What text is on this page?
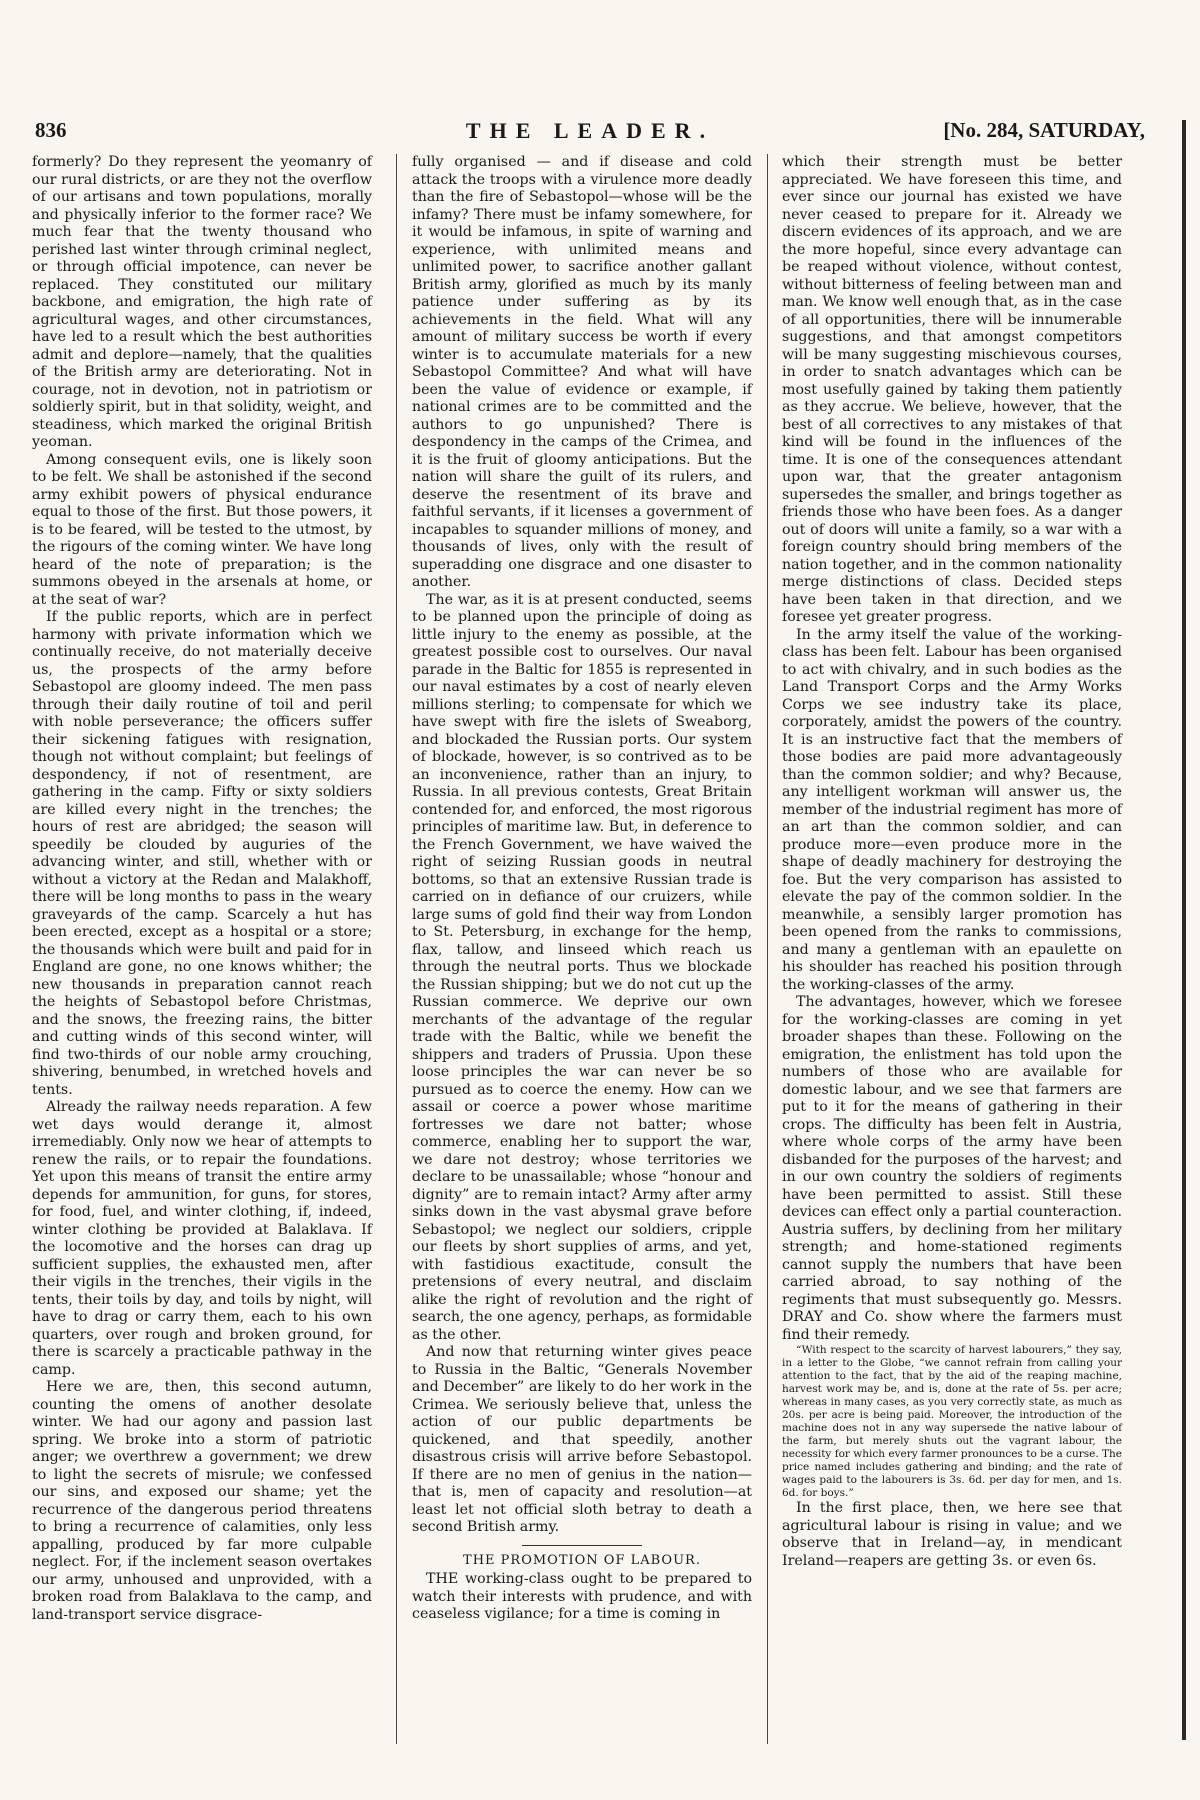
836	THE LEADER.	[No. 284, SATURDAY,

formerly? Do they represent the yeomanry of our rural districts, or are they not the overflow of our artisans and town populations, morally and physically inferior to the former race? We much fear that the twenty thousand who perished last winter through criminal neglect, or through official impotence, can never be replaced. They constituted our military backbone, and emigration, the high rate of agricultural wages, and other circumstances, have led to a result which the best authorities admit and deplore—namely, that the qualities of the British army are deteriorating. Not in courage, not in devotion, not in patriotism or soldierly spirit, but in that solidity, weight, and steadiness, which marked the original British yeoman.

Among consequent evils, one is likely soon to be felt. We shall be astonished if the second army exhibit powers of physical endurance equal to those of the first. But those powers, it is to be feared, will be tested to the utmost, by the rigours of the coming winter. We have long heard of the note of preparation; is the summons obeyed in the arsenals at home, or at the seat of war?

If the public reports, which are in perfect harmony with private information which we continually receive, do not materially deceive us, the prospects of the army before Sebastopol are gloomy indeed. The men pass through their daily routine of toil and peril with noble perseverance; the officers suffer their sickening fatigues with resignation, though not without complaint; but feelings of despondency, if not of resentment, are gathering in the camp. Fifty or sixty soldiers are killed every night in the trenches; the hours of rest are abridged; the season will speedily be clouded by auguries of the advancing winter, and still, whether with or without a victory at the Redan and Malakhoff, there will be long months to pass in the weary graveyards of the camp. Scarcely a hut has been erected, except as a hospital or a store; the thousands which were built and paid for in England are gone, no one knows whither; the new thousands in preparation cannot reach the heights of Sebastopol before Christmas, and the snows, the freezing rains, the bitter and cutting winds of this second winter, will find two-thirds of our noble army crouching, shivering, benumbed, in wretched hovels and tents.

Already the railway needs reparation. A few wet days would derange it, almost irremediably. Only now we hear of attempts to renew the rails, or to repair the foundations. Yet upon this means of transit the entire army depends for ammunition, for guns, for stores, for food, fuel, and winter clothing, if, indeed, winter clothing be provided at Balaklava. If the locomotive and the horses can drag up sufficient supplies, the exhausted men, after their vigils in the trenches, their vigils in the tents, their toils by day, and toils by night, will have to drag or carry them, each to his own quarters, over rough and broken ground, for there is scarcely a practicable pathway in the camp.

Here we are, then, this second autumn, counting the omens of another desolate winter. We had our agony and passion last spring. We broke into a storm of patriotic anger; we overthrew a government; we drew to light the secrets of misrule; we confessed our sins, and exposed our shame; yet the recurrence of the dangerous period threatens to bring a recurrence of calamities, only less appalling, produced by far more culpable neglect. For, if the inclement season overtakes our army, unhoused and unprovided, with a broken road from Balaklava to the camp, and land-transport service disgrace-

fully organised — and if disease and cold attack the troops with a virulence more deadly than the fire of Sebastopol—whose will be the infamy? There must be infamy somewhere, for it would be infamous, in spite of warning and experience, with unlimited means and unlimited power, to sacrifice another gallant British army, glorified as much by its manly patience under suffering as by its achievements in the field. What will any amount of military success be worth if every winter is to accumulate materials for a new Sebastopol Committee? And what will have been the value of evidence or example, if national crimes are to be committed and the authors to go unpunished? There is despondency in the camps of the Crimea, and it is the fruit of gloomy anticipations. But the nation will share the guilt of its rulers, and deserve the resentment of its brave and faithful servants, if it licenses a government of incapables to squander millions of money, and thousands of lives, only with the result of superadding one disgrace and one disaster to another.

The war, as it is at present conducted, seems to be planned upon the principle of doing as little injury to the enemy as possible, at the greatest possible cost to ourselves. Our naval parade in the Baltic for 1855 is represented in our naval estimates by a cost of nearly eleven millions sterling; to compensate for which we have swept with fire the islets of Sweaborg, and blockaded the Russian ports. Our system of blockade, however, is so contrived as to be an inconvenience, rather than an injury, to Russia. In all previous contests, Great Britain contended for, and enforced, the most rigorous principles of maritime law. But, in deference to the French Government, we have waived the right of seizing Russian goods in neutral bottoms, so that an extensive Russian trade is carried on in defiance of our cruizers, while large sums of gold find their way from London to St. Petersburg, in exchange for the hemp, flax, tallow, and linseed which reach us through the neutral ports. Thus we blockade the Russian shipping; but we do not cut up the Russian commerce. We deprive our own merchants of the advantage of the regular trade with the Baltic, while we benefit the shippers and traders of Prussia. Upon these loose principles the war can never be so pursued as to coerce the enemy. How can we assail or coerce a power whose maritime fortresses we dare not batter; whose commerce, enabling her to support the war, we dare not destroy; whose territories we declare to be unassailable; whose “honour and dignity” are to remain intact? Army after army sinks down in the vast abysmal grave before Sebastopol; we neglect our soldiers, cripple our fleets by short supplies of arms, and yet, with fastidious exactitude, consult the pretensions of every neutral, and disclaim alike the right of revolution and the right of search, the one agency, perhaps, as formidable as the other.

And now that returning winter gives peace to Russia in the Baltic, “Generals November and December” are likely to do her work in the Crimea. We seriously believe that, unless the action of our public departments be quickened, and that speedily, another disastrous crisis will arrive before Sebastopol. If there are no men of genius in the nation—that is, men of capacity and resolution—at least let not official sloth betray to death a second British army.

THE PROMOTION OF LABOUR.

THE working-class ought to be prepared to watch their interests with prudence, and with ceaseless vigilance; for a time is coming in

which their strength must be better appreciated. We have foreseen this time, and ever since our journal has existed we have never ceased to prepare for it. Already we discern evidences of its approach, and we are the more hopeful, since every advantage can be reaped without violence, without contest, without bitterness of feeling between man and man. We know well enough that, as in the case of all opportunities, there will be innumerable suggestions, and that amongst competitors will be many suggesting mischievous courses, in order to snatch advantages which can be most usefully gained by taking them patiently as they accrue. We believe, however, that the best of all correctives to any mistakes of that kind will be found in the influences of the time. It is one of the consequences attendant upon war, that the greater antagonism supersedes the smaller, and brings together as friends those who have been foes. As a danger out of doors will unite a family, so a war with a foreign country should bring members of the nation together, and in the common nationality merge distinctions of class. Decided steps have been taken in that direction, and we foresee yet greater progress.

In the army itself the value of the working-class has been felt. Labour has been organised to act with chivalry, and in such bodies as the Land Transport Corps and the Army Works Corps we see industry take its place, corporately, amidst the powers of the country. It is an instructive fact that the members of those bodies are paid more advantageously than the common soldier; and why? Because, any intelligent workman will answer us, the member of the industrial regiment has more of an art than the common soldier, and can produce more—even produce more in the shape of deadly machinery for destroying the foe. But the very comparison has assisted to elevate the pay of the common soldier. In the meanwhile, a sensibly larger promotion has been opened from the ranks to commissions, and many a gentleman with an epaulette on his shoulder has reached his position through the working-classes of the army.

The advantages, however, which we foresee for the working-classes are coming in yet broader shapes than these. Following on the emigration, the enlistment has told upon the numbers of those who are available for domestic labour, and we see that farmers are put to it for the means of gathering in their crops. The difficulty has been felt in Austria, where whole corps of the army have been disbanded for the purposes of the harvest; and in our own country the soldiers of regiments have been permitted to assist. Still these devices can effect only a partial counteraction. Austria suffers, by declining from her military strength; and home-stationed regiments cannot supply the numbers that have been carried abroad, to say nothing of the regiments that must subsequently go. Messrs. DRAY and Co. show where the farmers must find their remedy.

“With respect to the scarcity of harvest labourers,” they say, in a letter to the Globe, “we cannot refrain from calling your attention to the fact, that by the aid of the reaping machine, harvest work may be, and is, done at the rate of 5s. per acre; whereas in many cases, as you very correctly state, as much as 20s. per acre is being paid. Moreover, the introduction of the machine does not in any way supersede the native labour of the farm, but merely shuts out the vagrant labour, the necessity for which every farmer pronounces to be a curse. The price named includes gathering and binding; and the rate of wages paid to the labourers is 3s. 6d. per day for men, and 1s. 6d. for boys.”

In the first place, then, we here see that agricultural labour is rising in value; and we observe that in Ireland—ay, in mendicant Ireland—reapers are getting 3s. or even 6s.
